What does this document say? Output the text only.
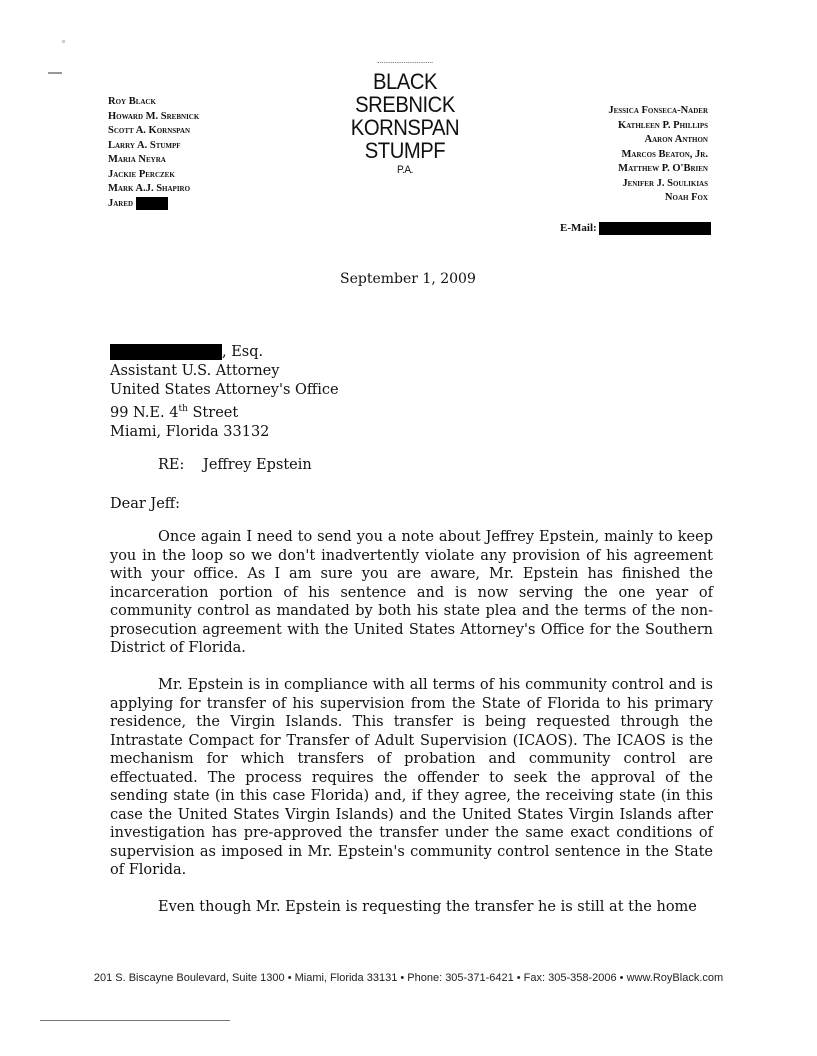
Roy Black
Howard M. Srebnick
Scott A. Kornspan
Larry A. Stumpf
Maria Neyra
Jackie Perczek
Mark A.J. Shapiro
Jared
BLACK
SREBNICK
KORNSPAN
STUMPF
P.A.
Jessica Fonseca-Nader
Kathleen P. Phillips
Aaron Anthon
Marcos Beaton, Jr.
Matthew P. O'Brien
Jenifer J. Soulikias
Noah Fox
E-Mail:
September 1, 2009
, Esq.
Assistant U.S. Attorney
United States Attorney's Office
99 N.E. 4th Street
Miami, Florida 33132
RE: Jeffrey Epstein
Dear Jeff:
Once again I need to send you a note about Jeffrey Epstein, mainly to keep you in the loop so we don't inadvertently violate any provision of his agreement with your office. As I am sure you are aware, Mr. Epstein has finished the incarceration portion of his sentence and is now serving the one year of community control as mandated by both his state plea and the terms of the non-prosecution agreement with the United States Attorney's Office for the Southern District of Florida.
Mr. Epstein is in compliance with all terms of his community control and is applying for transfer of his supervision from the State of Florida to his primary residence, the Virgin Islands. This transfer is being requested through the Intrastate Compact for Transfer of Adult Supervision (ICAOS). The ICAOS is the mechanism for which transfers of probation and community control are effectuated. The process requires the offender to seek the approval of the sending state (in this case Florida) and, if they agree, the receiving state (in this case the United States Virgin Islands) and the United States Virgin Islands after investigation has pre-approved the transfer under the same exact conditions of supervision as imposed in Mr. Epstein's community control sentence in the State of Florida.
Even though Mr. Epstein is requesting the transfer he is still at the home
201 S. Biscayne Boulevard, Suite 1300 • Miami, Florida 33131 • Phone: 305-371-6421 • Fax: 305-358-2006 • www.RoyBlack.com
